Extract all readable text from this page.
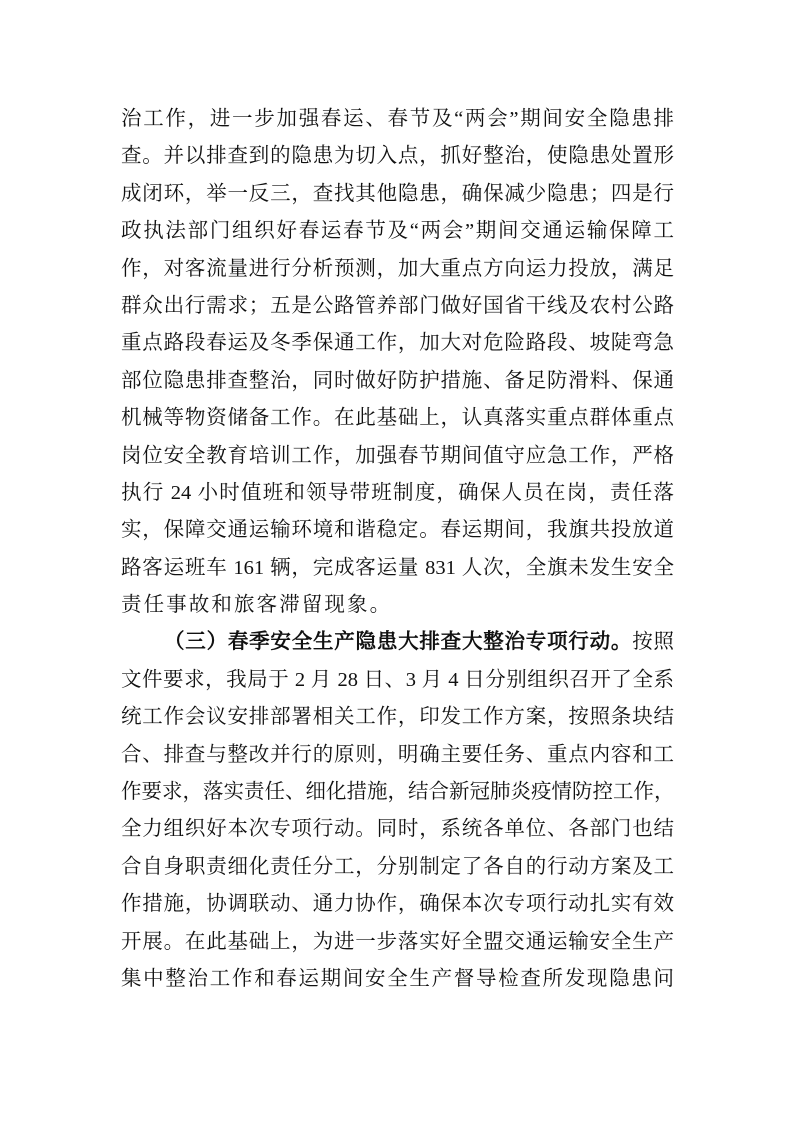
治工作，进一步加强春运、春节及“两会”期间安全隐患排
查。并以排查到的隐患为切入点，抓好整治，使隐患处置形
成闭环，举一反三，查找其他隐患，确保减少隐患；四是行
政执法部门组织好春运春节及“两会”期间交通运输保障工
作，对客流量进行分析预测，加大重点方向运力投放，满足
群众出行需求；五是公路管养部门做好国省干线及农村公路
重点路段春运及冬季保通工作，加大对危险路段、坡陡弯急
部位隐患排查整治，同时做好防护措施、备足防滑料、保通
机械等物资储备工作。在此基础上，认真落实重点群体重点
岗位安全教育培训工作，加强春节期间值守应急工作，严格
执行 24 小时值班和领导带班制度，确保人员在岗，责任落
实，保障交通运输环境和谐稳定。春运期间，我旗共投放道
路客运班车 161 辆，完成客运量 831 人次，全旗未发生安全
责任事故和旅客滞留现象。
（三）春季安全生产隐患大排查大整治专项行动。按照
文件要求，我局于 2 月 28 日、3 月 4 日分别组织召开了全系
统工作会议安排部署相关工作，印发工作方案，按照条块结
合、排查与整改并行的原则，明确主要任务、重点内容和工
作要求，落实责任、细化措施，结合新冠肺炎疫情防控工作，
全力组织好本次专项行动。同时，系统各单位、各部门也结
合自身职责细化责任分工，分别制定了各自的行动方案及工
作措施，协调联动、通力协作，确保本次专项行动扎实有效
开展。在此基础上，为进一步落实好全盟交通运输安全生产
集中整治工作和春运期间安全生产督导检查所发现隐患问
